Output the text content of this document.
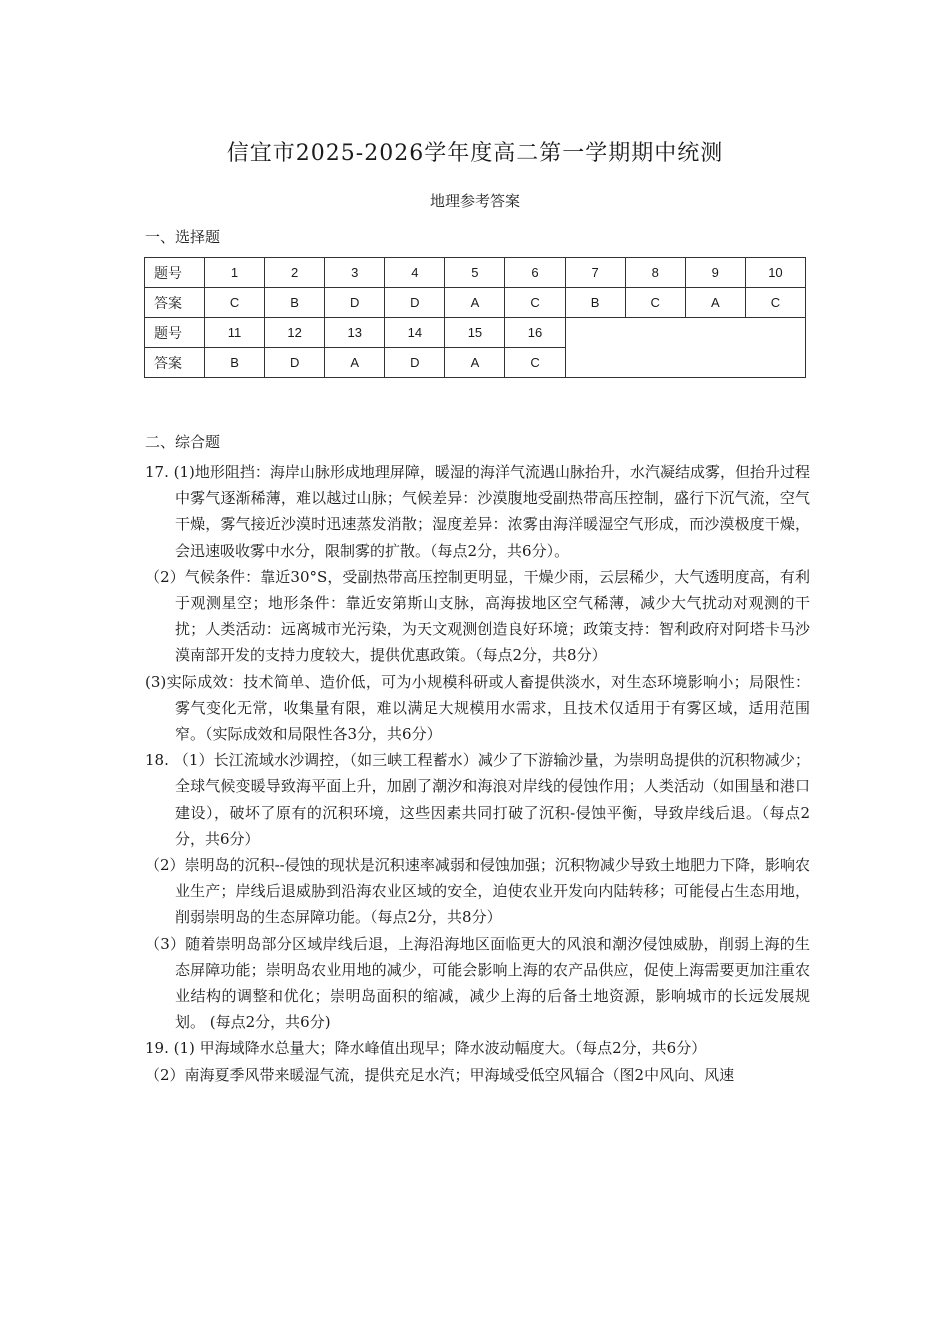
信宜市2025-2026学年度高二第一学期期中统测
地理参考答案
一、选择题
题号	1	2	3	4	5	6	7	8	9	10
答案	C	B	D	D	A	C	B	C	A	C
题号	11	12	13	14	15	16				
答案	B	D	A	D	A	C				
二、综合题

17. (1)地形阻挡：海岸山脉形成地理屏障，暖湿的海洋气流遇山脉抬升，水汽凝结成雾，但抬升过程中雾气逐渐稀薄，难以越过山脉；气候差异：沙漠腹地受副热带高压控制，盛行下沉气流，空气干燥，雾气接近沙漠时迅速蒸发消散；湿度差异：浓雾由海洋暖湿空气形成，而沙漠极度干燥，会迅速吸收雾中水分，限制雾的扩散。（每点2分，共6分）。

（2）气候条件：靠近30°S，受副热带高压控制更明显，干燥少雨，云层稀少，大气透明度高，有利于观测星空；地形条件：靠近安第斯山支脉，高海拔地区空气稀薄，减少大气扰动对观测的干扰；人类活动：远离城市光污染，为天文观测创造良好环境；政策支持：智利政府对阿塔卡马沙漠南部开发的支持力度较大，提供优惠政策。（每点2分，共8分）

(3)实际成效：技术简单、造价低，可为小规模科研或人畜提供淡水，对生态环境影响小；局限性：雾气变化无常，收集量有限，难以满足大规模用水需求，且技术仅适用于有雾区域，适用范围窄。（实际成效和局限性各3分，共6分）

18. （1）长江流域水沙调控，（如三峡工程蓄水）减少了下游输沙量，为崇明岛提供的沉积物减少；全球气候变暖导致海平面上升，加剧了潮汐和海浪对岸线的侵蚀作用；人类活动（如围垦和港口建设），破坏了原有的沉积环境，这些因素共同打破了沉积-侵蚀平衡，导致岸线后退。（每点2分，共6分）

（2）崇明岛的沉积--侵蚀的现状是沉积速率减弱和侵蚀加强；沉积物减少导致土地肥力下降，影响农业生产；岸线后退威胁到沿海农业区域的安全，迫使农业开发向内陆转移；可能侵占生态用地，削弱崇明岛的生态屏障功能。（每点2分，共8分）

（3）随着崇明岛部分区域岸线后退，上海沿海地区面临更大的风浪和潮汐侵蚀威胁，削弱上海的生态屏障功能；崇明岛农业用地的减少，可能会影响上海的农产品供应，促使上海需要更加注重农业结构的调整和优化；崇明岛面积的缩减，减少上海的后备土地资源，影响城市的长远发展规划。 (每点2分，共6分)

19. (1) 甲海域降水总量大；降水峰值出现早；降水波动幅度大。（每点2分，共6分）

（2）南海夏季风带来暖湿气流，提供充足水汽；甲海域受低空风辐合（图2中风向、风速
